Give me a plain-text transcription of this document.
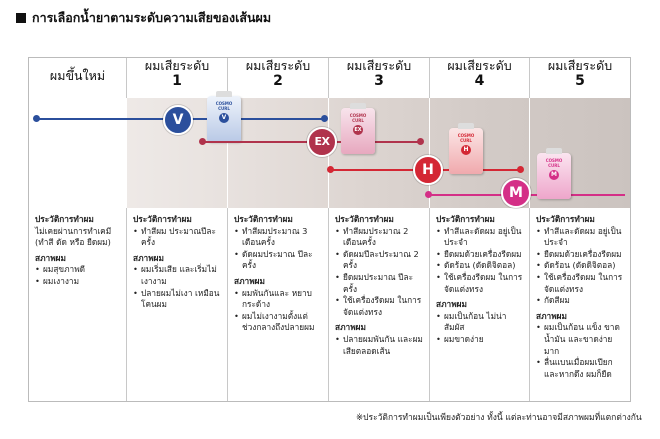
การเลือกน้ำยาตามระดับความเสียของเส้นผม
ผมขึ้นใหม่
ผมเสียระดับ
1
ผมเสียระดับ
2
ผมเสียระดับ
3
ผมเสียระดับ
4
ผมเสียระดับ
5
COSMO CURL
V
V	COSMO CURL
EX
EX	COSMO CURL
H
H
COSMO CURL
M
M
ประวัติการทำผม
ไม่เคยผ่านการทำเคมี (ทำสี ดัด หรือ ยืดผม)
สภาพผม
• ผมสุขภาพดี
• ผมเงางาม
ประวัติการทำผม
• ทำสีผม ประมาณปีละครั้ง
สภาพผม
• ผมเริ่มเสีย และเริ่มไม่เงางาม
• ปลายผมไม่เงา เหมือนโคนผม
ประวัติการทำผม
• ทำสีผมประมาณ 3 เดือนครั้ง
• ดัดผมประมาณ ปีละครั้ง
สภาพผม
• ผมพันกันและ หยาบกระด้าง
• ผมไม่เงางามตั้งแต่ ช่วงกลางถึงปลายผม
ประวัติการทำผม
• ทำสีผมประมาณ 2 เดือนครั้ง
• ดัดผมปีละประมาณ 2 ครั้ง
• ยืดผมประมาณ ปีละครั้ง
• ใช้เครื่องรีดผม ในการจัดแต่งทรง
สภาพผม
• ปลายผมพันกัน และผมเสียตลอดเส้น
ประวัติการทำผม
• ทำสีและดัดผม อยู่เป็นประจำ
• ยืดผมด้วยเครื่องรีดผม
• ดัดร้อน (ดัดดิจิตอล)
• ใช้เครื่องรีดผม ในการจัดแต่งทรง
สภาพผม
• ผมเป็นก้อน ไม่น่าสัมผัส
• ผมขาดง่าย
ประวัติการทำผม
• ทำสีและดัดผม อยู่เป็นประจำ
• ยืดผมด้วยเครื่องรีดผม
• ดัดร้อน (ดัดดิจิตอล)
• ใช้เครื่องรีดผม ในการจัดแต่งทรง
• กัดสีผม
สภาพผม
• ผมเป็นก้อน แข็ง ขาด น้ำมัน และขาดง่ายมาก
• ลื่นแบนเมื่อผมเปียก และหากดึง ผมก็ยืด
※ประวัติการทำผมเป็นเพียงตัวอย่าง ทั้งนี้ แต่ละท่านอาจมีสภาพผมที่แตกต่างกัน
